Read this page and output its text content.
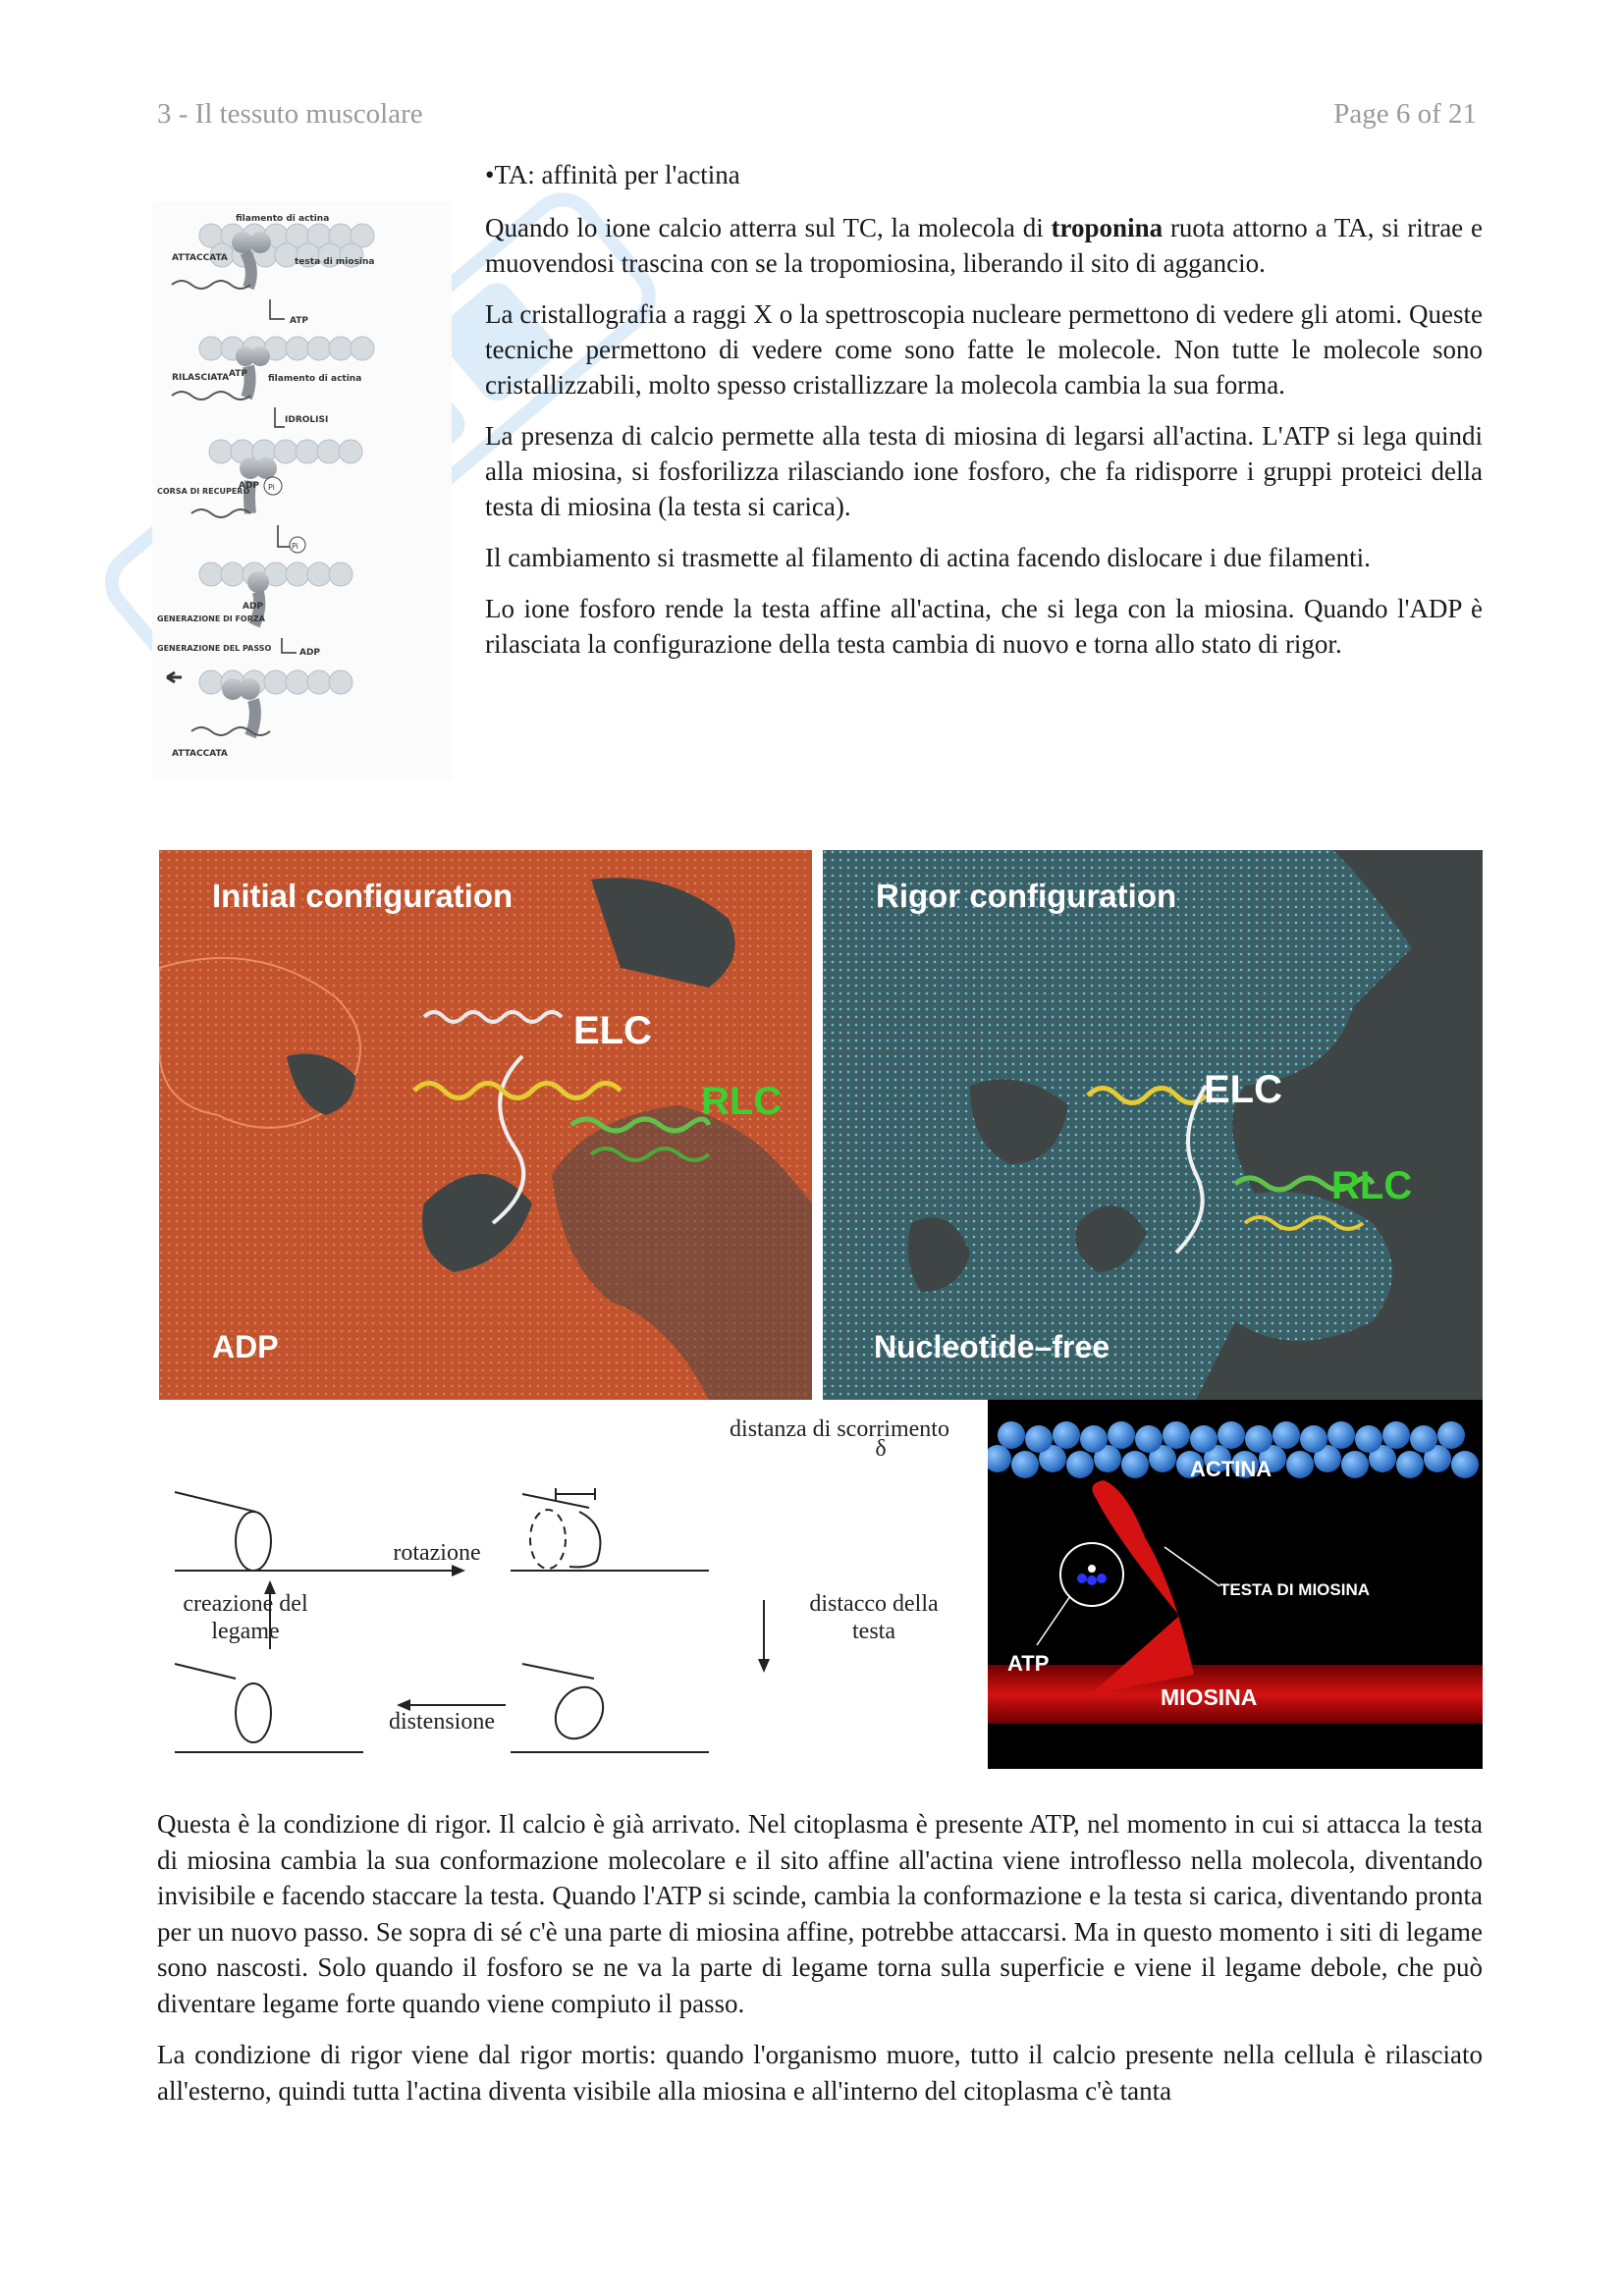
3 - Il tessuto muscolare	Page 6 of 21
filamento di actina
ATTACCATA	testa di miosina
ATP
RILASCIATA ATP filamento di actina
IDROLISI
CORSA DI RECUPERO
ADP Pi
Pi
ADP
GENERAZIONE DI FORZA
GENERAZIONE DEL PASSO	ADP
ATTACCATA

•TA: affinità per l'actina

Quando lo ione calcio atterra sul TC, la molecola di troponina ruota attorno a TA, si ritrae e muovendosi trascina con se la tropomiosina, liberando il sito di aggancio.

La cristallografia a raggi X o la spettroscopia nucleare permettono di vedere gli atomi. Queste tecniche permettono di vedere come sono fatte le molecole. Non tutte le molecole sono cristallizzabili, molto spesso cristallizzare la molecola cambia la sua forma.

La presenza di calcio permette alla testa di miosina di legarsi all'actina. L'ATP si lega quindi alla miosina, si fosforilizza rilasciando ione fosforo, che fa ridisporre i gruppi proteici della testa di miosina (la testa si carica).

Il cambiamento si trasmette al filamento di actina facendo dislocare i due filamenti.

Lo ione fosforo rende la testa affine all'actina, che si lega con la miosina. Quando l'ADP è rilasciata la configurazione della testa cambia di nuovo e torna allo stato di rigor.

Initial configuration
ELC
RLC
ADP
Rigor configuration
ELC
RLC
Nucleotide–free
distanza di scorrimento
δ
rotazione
creazione del legame
distacco della testa
distensione
ACTINA
TESTA DI MIOSINA
ATP
MIOSINA

Questa è la condizione di rigor. Il calcio è già arrivato. Nel citoplasma è presente ATP, nel momento in cui si attacca la testa di miosina cambia la sua conformazione molecolare e il sito affine all'actina viene introflesso nella molecola, diventando invisibile e facendo staccare la testa. Quando l'ATP si scinde, cambia la conformazione e la testa si carica, diventando pronta per un nuovo passo. Se sopra di sé c'è una parte di miosina affine, potrebbe attaccarsi. Ma in questo momento i siti di legame sono nascosti. Solo quando il fosforo se ne va la parte di legame torna sulla superficie e viene il legame debole, che può diventare legame forte quando viene compiuto il passo.

La condizione di rigor viene dal rigor mortis: quando l'organismo muore, tutto il calcio presente nella cellula è rilasciato all'esterno, quindi tutta l'actina diventa visibile alla miosina e all'interno del citoplasma c'è tanta
